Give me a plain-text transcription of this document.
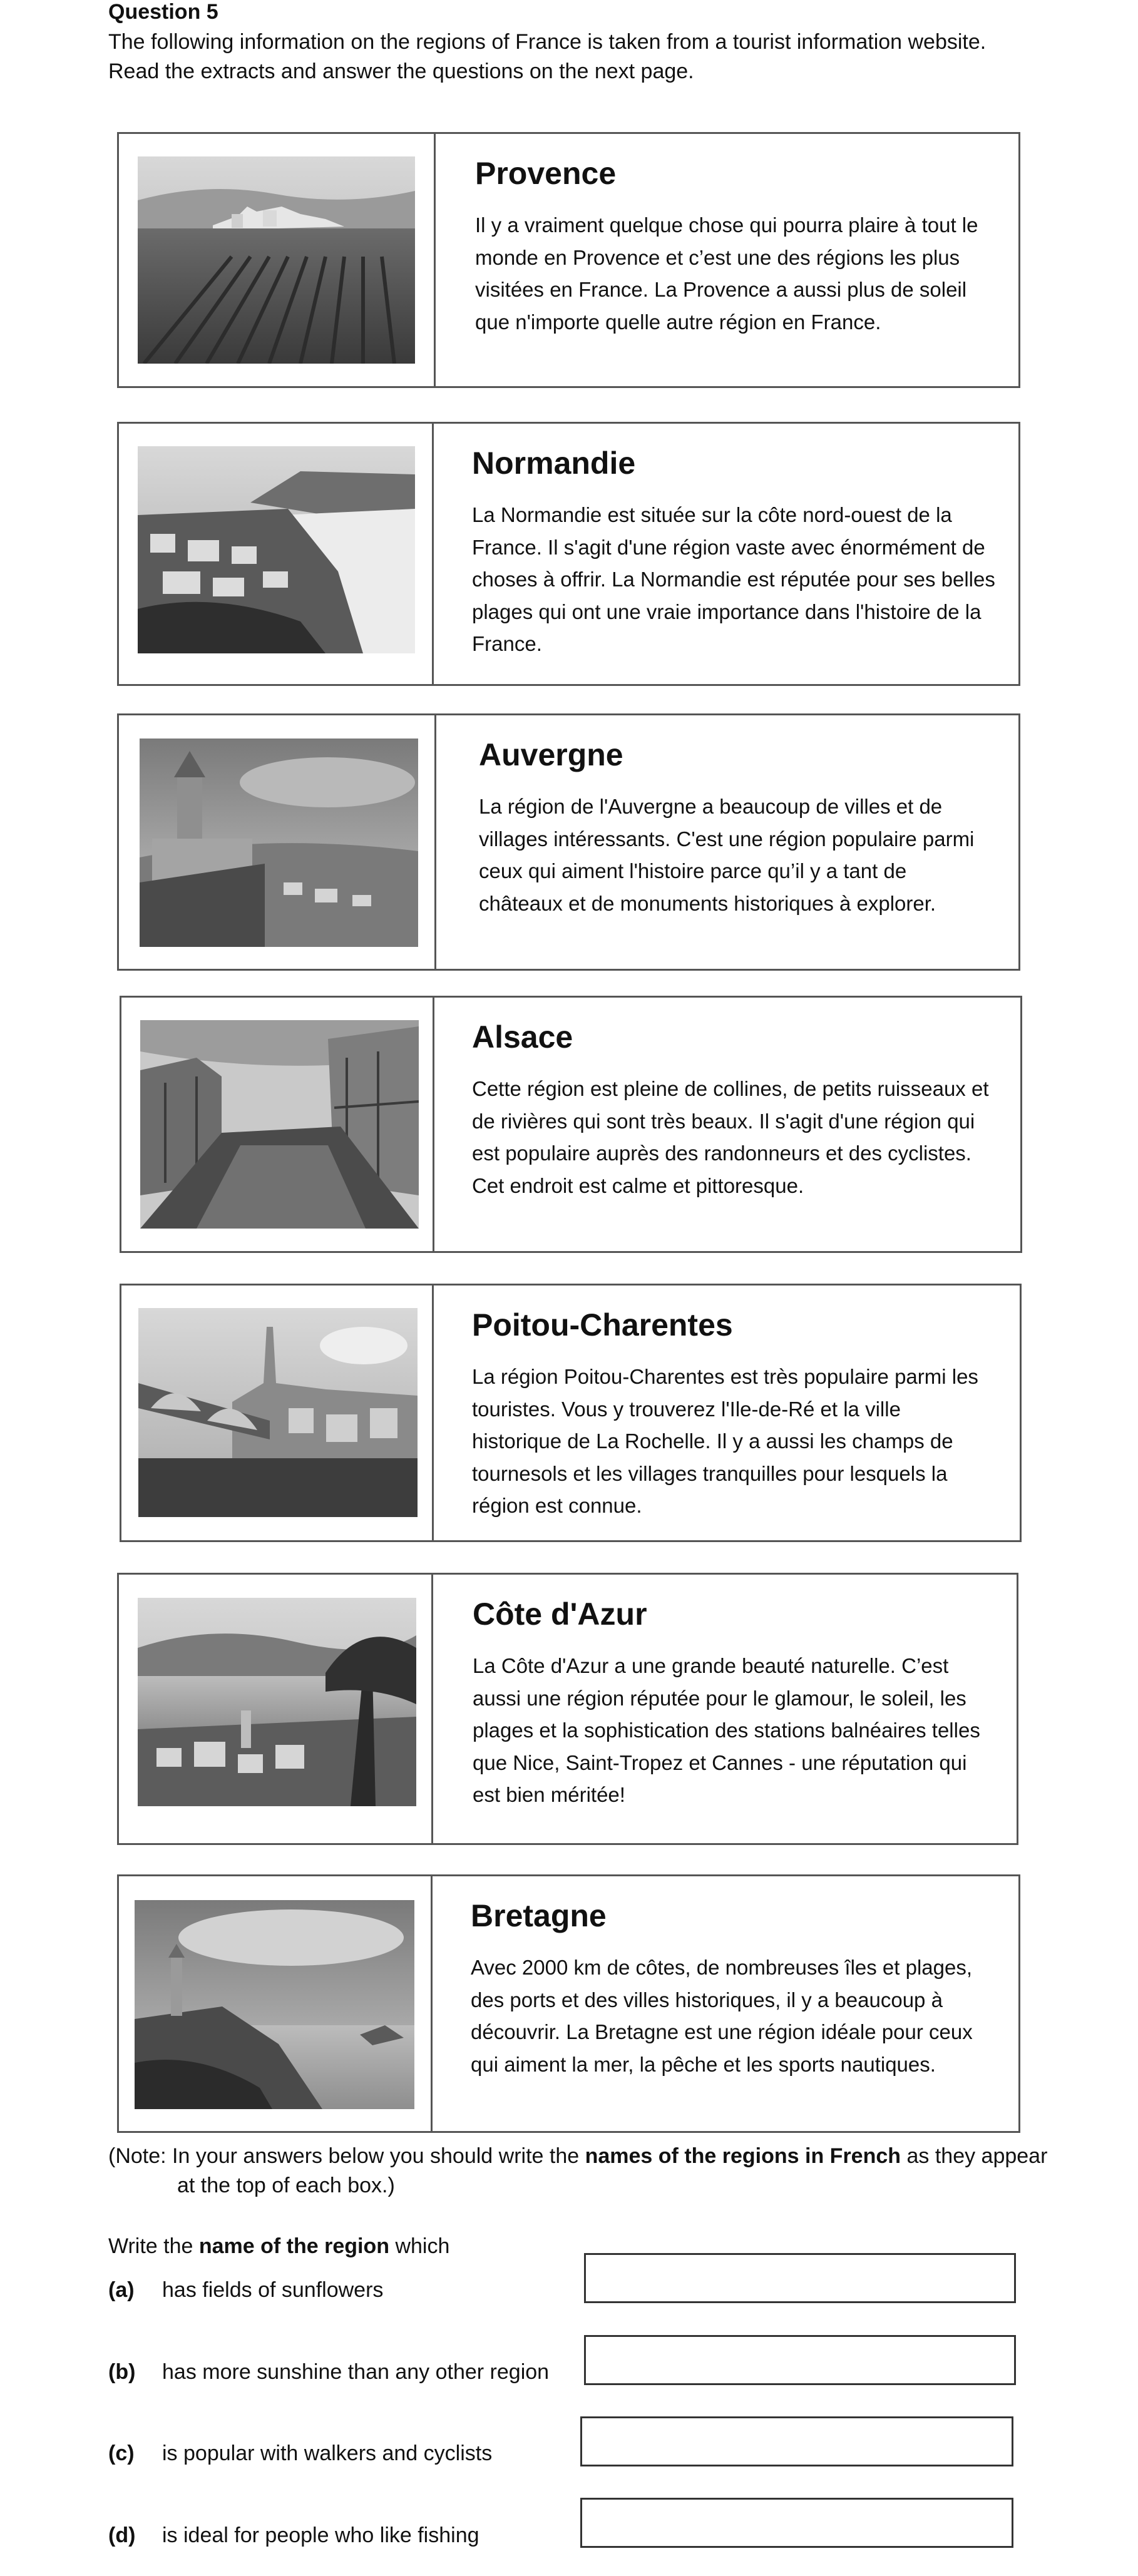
Question 5
The following information on the regions of France is taken from a tourist information website.
Read the extracts and answer the questions on the next page.
Provence

Il y a vraiment quelque chose qui pourra plaire à tout le monde en Provence et c’est une des régions les plus visitées en France. La Provence a aussi plus de soleil que n'importe quelle autre région en France.

Normandie

La Normandie est située sur la côte nord-ouest de la France. Il s'agit d'une région vaste avec énormément de choses à offrir. La Normandie est réputée pour ses belles plages qui ont une vraie importance dans l'histoire de la France.

Auvergne

La région de l'Auvergne a beaucoup de villes et de villages intéressants. C'est une région populaire parmi ceux qui aiment l'histoire parce qu’il y a tant de châteaux et de monuments historiques à explorer.

Alsace

Cette région est pleine de collines, de petits ruisseaux et de rivières qui sont très beaux. Il s'agit d'une région qui est populaire auprès des randonneurs et des cyclistes. Cet endroit est calme et pittoresque.

Poitou-Charentes

La région Poitou-Charentes est très populaire parmi les touristes. Vous y trouverez l'Ile-de-Ré et la ville historique de La Rochelle. Il y a aussi les champs de tournesols et les villages tranquilles pour lesquels la région est connue.

Côte d'Azur

La Côte d'Azur a une grande beauté naturelle. C’est aussi une région réputée pour le glamour, le soleil, les plages et la sophistication des stations balnéaires telles que Nice, Saint-Tropez et Cannes - une réputation qui est bien méritée!

Bretagne

Avec 2000 km de côtes, de nombreuses îles et plages, des ports et des villes historiques, il y a beaucoup à découvrir. La Bretagne est une région idéale pour ceux qui aiment la mer, la pêche et les sports nautiques.

(Note: In your answers below you should write the names of the regions in French as they appear
at the top of each box.)
Write the name of the region which
(a) has fields of sunflowers
(b) has more sunshine than any other region
(c) is popular with walkers and cyclists
(d) is ideal for people who like fishing
